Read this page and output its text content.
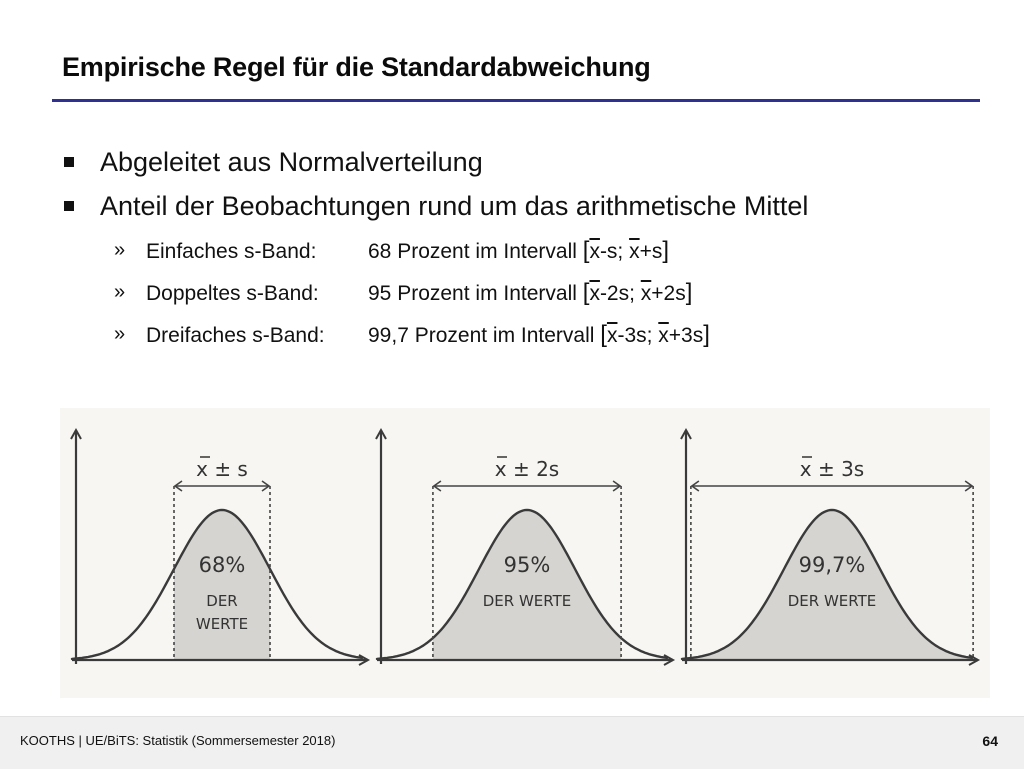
Empirische Regel für die Standardabweichung
Abgeleitet aus Normalverteilung
Anteil der Beobachtungen rund um das arithmetische Mittel
» Einfaches s-Band: 68 Prozent im Intervall [$\overline{x}-s$; $\overline{x}+s$]
» Doppeltes s-Band: 95 Prozent im Intervall [$\overline{x}-2s$; $\overline{x}+2s$]
» Dreifaches s-Band: 99,7 Prozent im Intervall [$\overline{x}-3s$; $\overline{x}+3s$]
x ± s
68%
DER
WERTE
x ± 2s
95%
DER WERTE
x ± 3s
99,7%
DER WERTE
KOOTHS | UE/BiTS: Statistik (Sommersemester 2018)	64
